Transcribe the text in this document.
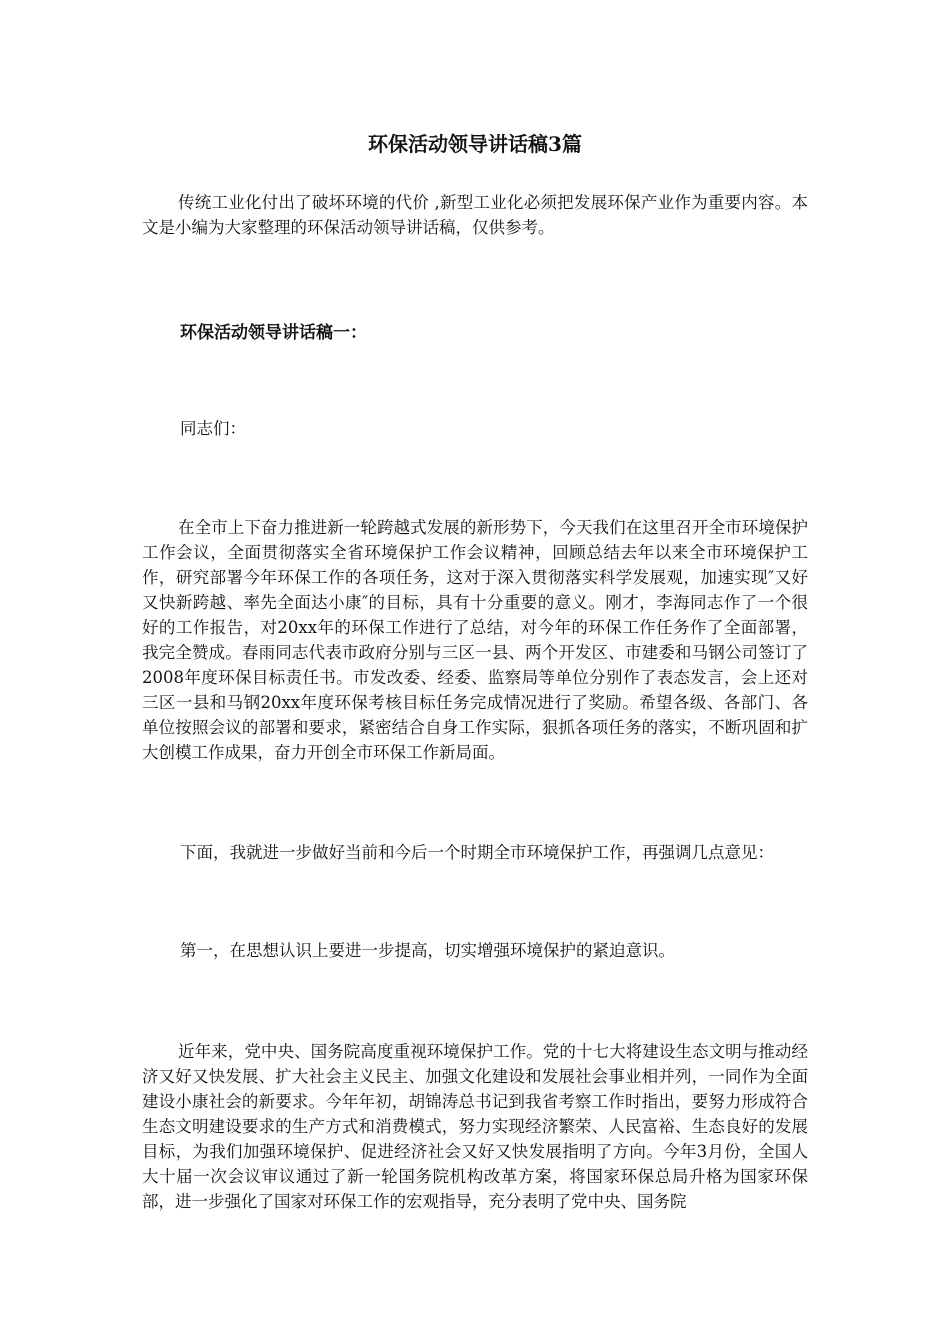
环保活动领导讲话稿3篇

传统工业化付出了破坏环境的代价 ,新型工业化必须把发展环保产业作为重要内容。本文是小编为大家整理的环保活动领导讲话稿，仅供参考。

环保活动领导讲话稿一：

同志们：

在全市上下奋力推进新一轮跨越式发展的新形势下，今天我们在这里召开全市环境保护工作会议，全面贯彻落实全省环境保护工作会议精神，回顾总结去年以来全市环境保护工作，研究部署今年环保工作的各项任务，这对于深入贯彻落实科学发展观，加速实现″又好又快新跨越、率先全面达小康″的目标，具有十分重要的意义。刚才，李海同志作了一个很好的工作报告，对20xx年的环保工作进行了总结，对今年的环保工作任务作了全面部署，我完全赞成。春雨同志代表市政府分别与三区一县、两个开发区、市建委和马钢公司签订了2008年度环保目标责任书。市发改委、经委、监察局等单位分别作了表态发言，会上还对三区一县和马钢20xx年度环保考核目标任务完成情况进行了奖励。希望各级、各部门、各单位按照会议的部署和要求，紧密结合自身工作实际，狠抓各项任务的落实，不断巩固和扩大创模工作成果，奋力开创全市环保工作新局面。

下面，我就进一步做好当前和今后一个时期全市环境保护工作，再强调几点意见：

第一，在思想认识上要进一步提高，切实增强环境保护的紧迫意识。

近年来，党中央、国务院高度重视环境保护工作。党的十七大将建设生态文明与推动经济又好又快发展、扩大社会主义民主、加强文化建设和发展社会事业相并列，一同作为全面建设小康社会的新要求。今年年初，胡锦涛总书记到我省考察工作时指出，要努力形成符合生态文明建设要求的生产方式和消费模式，努力实现经济繁荣、人民富裕、生态良好的发展目标，为我们加强环境保护、促进经济社会又好又快发展指明了方向。今年3月份，全国人大十届一次会议审议通过了新一轮国务院机构改革方案，将国家环保总局升格为国家环保部，进一步强化了国家对环保工作的宏观指导，充分表明了党中央、国务院
